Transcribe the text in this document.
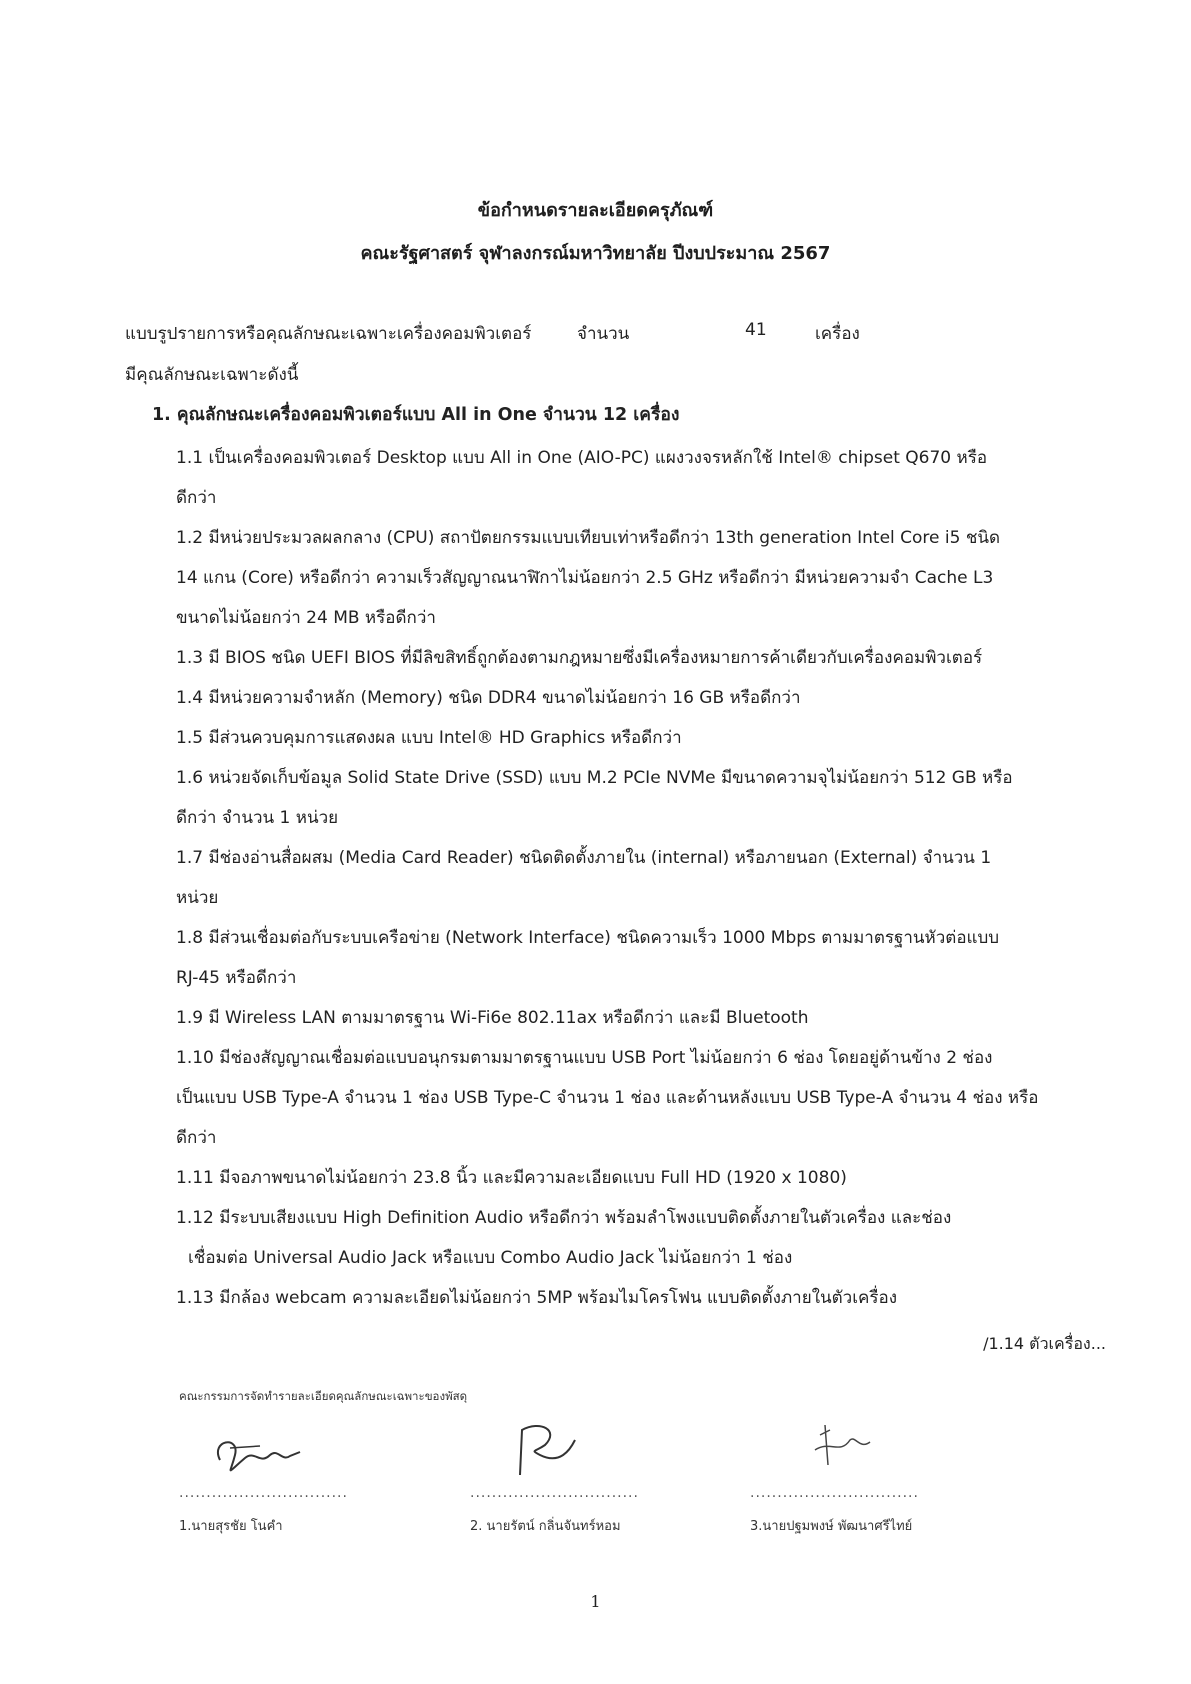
ข้อกำหนดรายละเอียดครุภัณฑ์
คณะรัฐศาสตร์ จุฬาลงกรณ์มหาวิทยาลัย ปีงบประมาณ 2567
แบบรูปรายการหรือคุณลักษณะเฉพาะเครื่องคอมพิวเตอร์	จำนวน	41	เครื่อง
มีคุณลักษณะเฉพาะดังนี้
1. คุณลักษณะเครื่องคอมพิวเตอร์แบบ All in One จำนวน 12 เครื่อง

1.1 เป็นเครื่องคอมพิวเตอร์ Desktop แบบ All in One (AIO-PC) แผงวงจรหลักใช้ Intel® chipset Q670 หรือ

ดีกว่า

1.2 มีหน่วยประมวลผลกลาง (CPU) สถาปัตยกรรมแบบเทียบเท่าหรือดีกว่า 13th generation Intel Core i5 ชนิด

14 แกน (Core) หรือดีกว่า ความเร็วสัญญาณนาฬิกาไม่น้อยกว่า 2.5 GHz หรือดีกว่า มีหน่วยความจำ Cache L3

ขนาดไม่น้อยกว่า 24 MB หรือดีกว่า

1.3 มี BIOS ชนิด UEFI BIOS ที่มีลิขสิทธิ์ถูกต้องตามกฎหมายซึ่งมีเครื่องหมายการค้าเดียวกับเครื่องคอมพิวเตอร์

1.4 มีหน่วยความจำหลัก (Memory) ชนิด DDR4 ขนาดไม่น้อยกว่า 16 GB หรือดีกว่า

1.5 มีส่วนควบคุมการแสดงผล แบบ Intel® HD Graphics หรือดีกว่า

1.6 หน่วยจัดเก็บข้อมูล Solid State Drive (SSD) แบบ M.2 PCIe NVMe มีขนาดความจุไม่น้อยกว่า 512 GB หรือ

ดีกว่า จำนวน 1 หน่วย

1.7 มีช่องอ่านสื่อผสม (Media Card Reader) ชนิดติดตั้งภายใน (internal) หรือภายนอก (External) จำนวน 1

หน่วย

1.8 มีส่วนเชื่อมต่อกับระบบเครือข่าย (Network Interface) ชนิดความเร็ว 1000 Mbps ตามมาตรฐานหัวต่อแบบ

RJ-45 หรือดีกว่า

1.9 มี Wireless LAN ตามมาตรฐาน Wi-Fi6e 802.11ax หรือดีกว่า และมี Bluetooth

1.10 มีช่องสัญญาณเชื่อมต่อแบบอนุกรมตามมาตรฐานแบบ USB Port ไม่น้อยกว่า 6 ช่อง โดยอยู่ด้านข้าง 2 ช่อง

เป็นแบบ USB Type-A จำนวน 1 ช่อง USB Type-C จำนวน 1 ช่อง และด้านหลังแบบ USB Type-A จำนวน 4 ช่อง หรือ

ดีกว่า

1.11 มีจอภาพขนาดไม่น้อยกว่า 23.8 นิ้ว และมีความละเอียดแบบ Full HD (1920 x 1080)

1.12 มีระบบเสียงแบบ High Definition Audio หรือดีกว่า พร้อมลำโพงแบบติดตั้งภายในตัวเครื่อง และช่อง

เชื่อมต่อ Universal Audio Jack หรือแบบ Combo Audio Jack ไม่น้อยกว่า 1 ช่อง

1.13 มีกล้อง webcam ความละเอียดไม่น้อยกว่า 5MP พร้อมไมโครโฟน แบบติดตั้งภายในตัวเครื่อง

/1.14 ตัวเครื่อง...
คณะกรรมการจัดทำรายละเอียดคุณลักษณะเฉพาะของพัสดุ
...............................	...............................	...............................
1.นายสุรชัย โนคำ	2. นายรัตน์ กลิ่นจันทร์หอม	3.นายปฐมพงษ์ พัฒนาศรีไทย์
1
